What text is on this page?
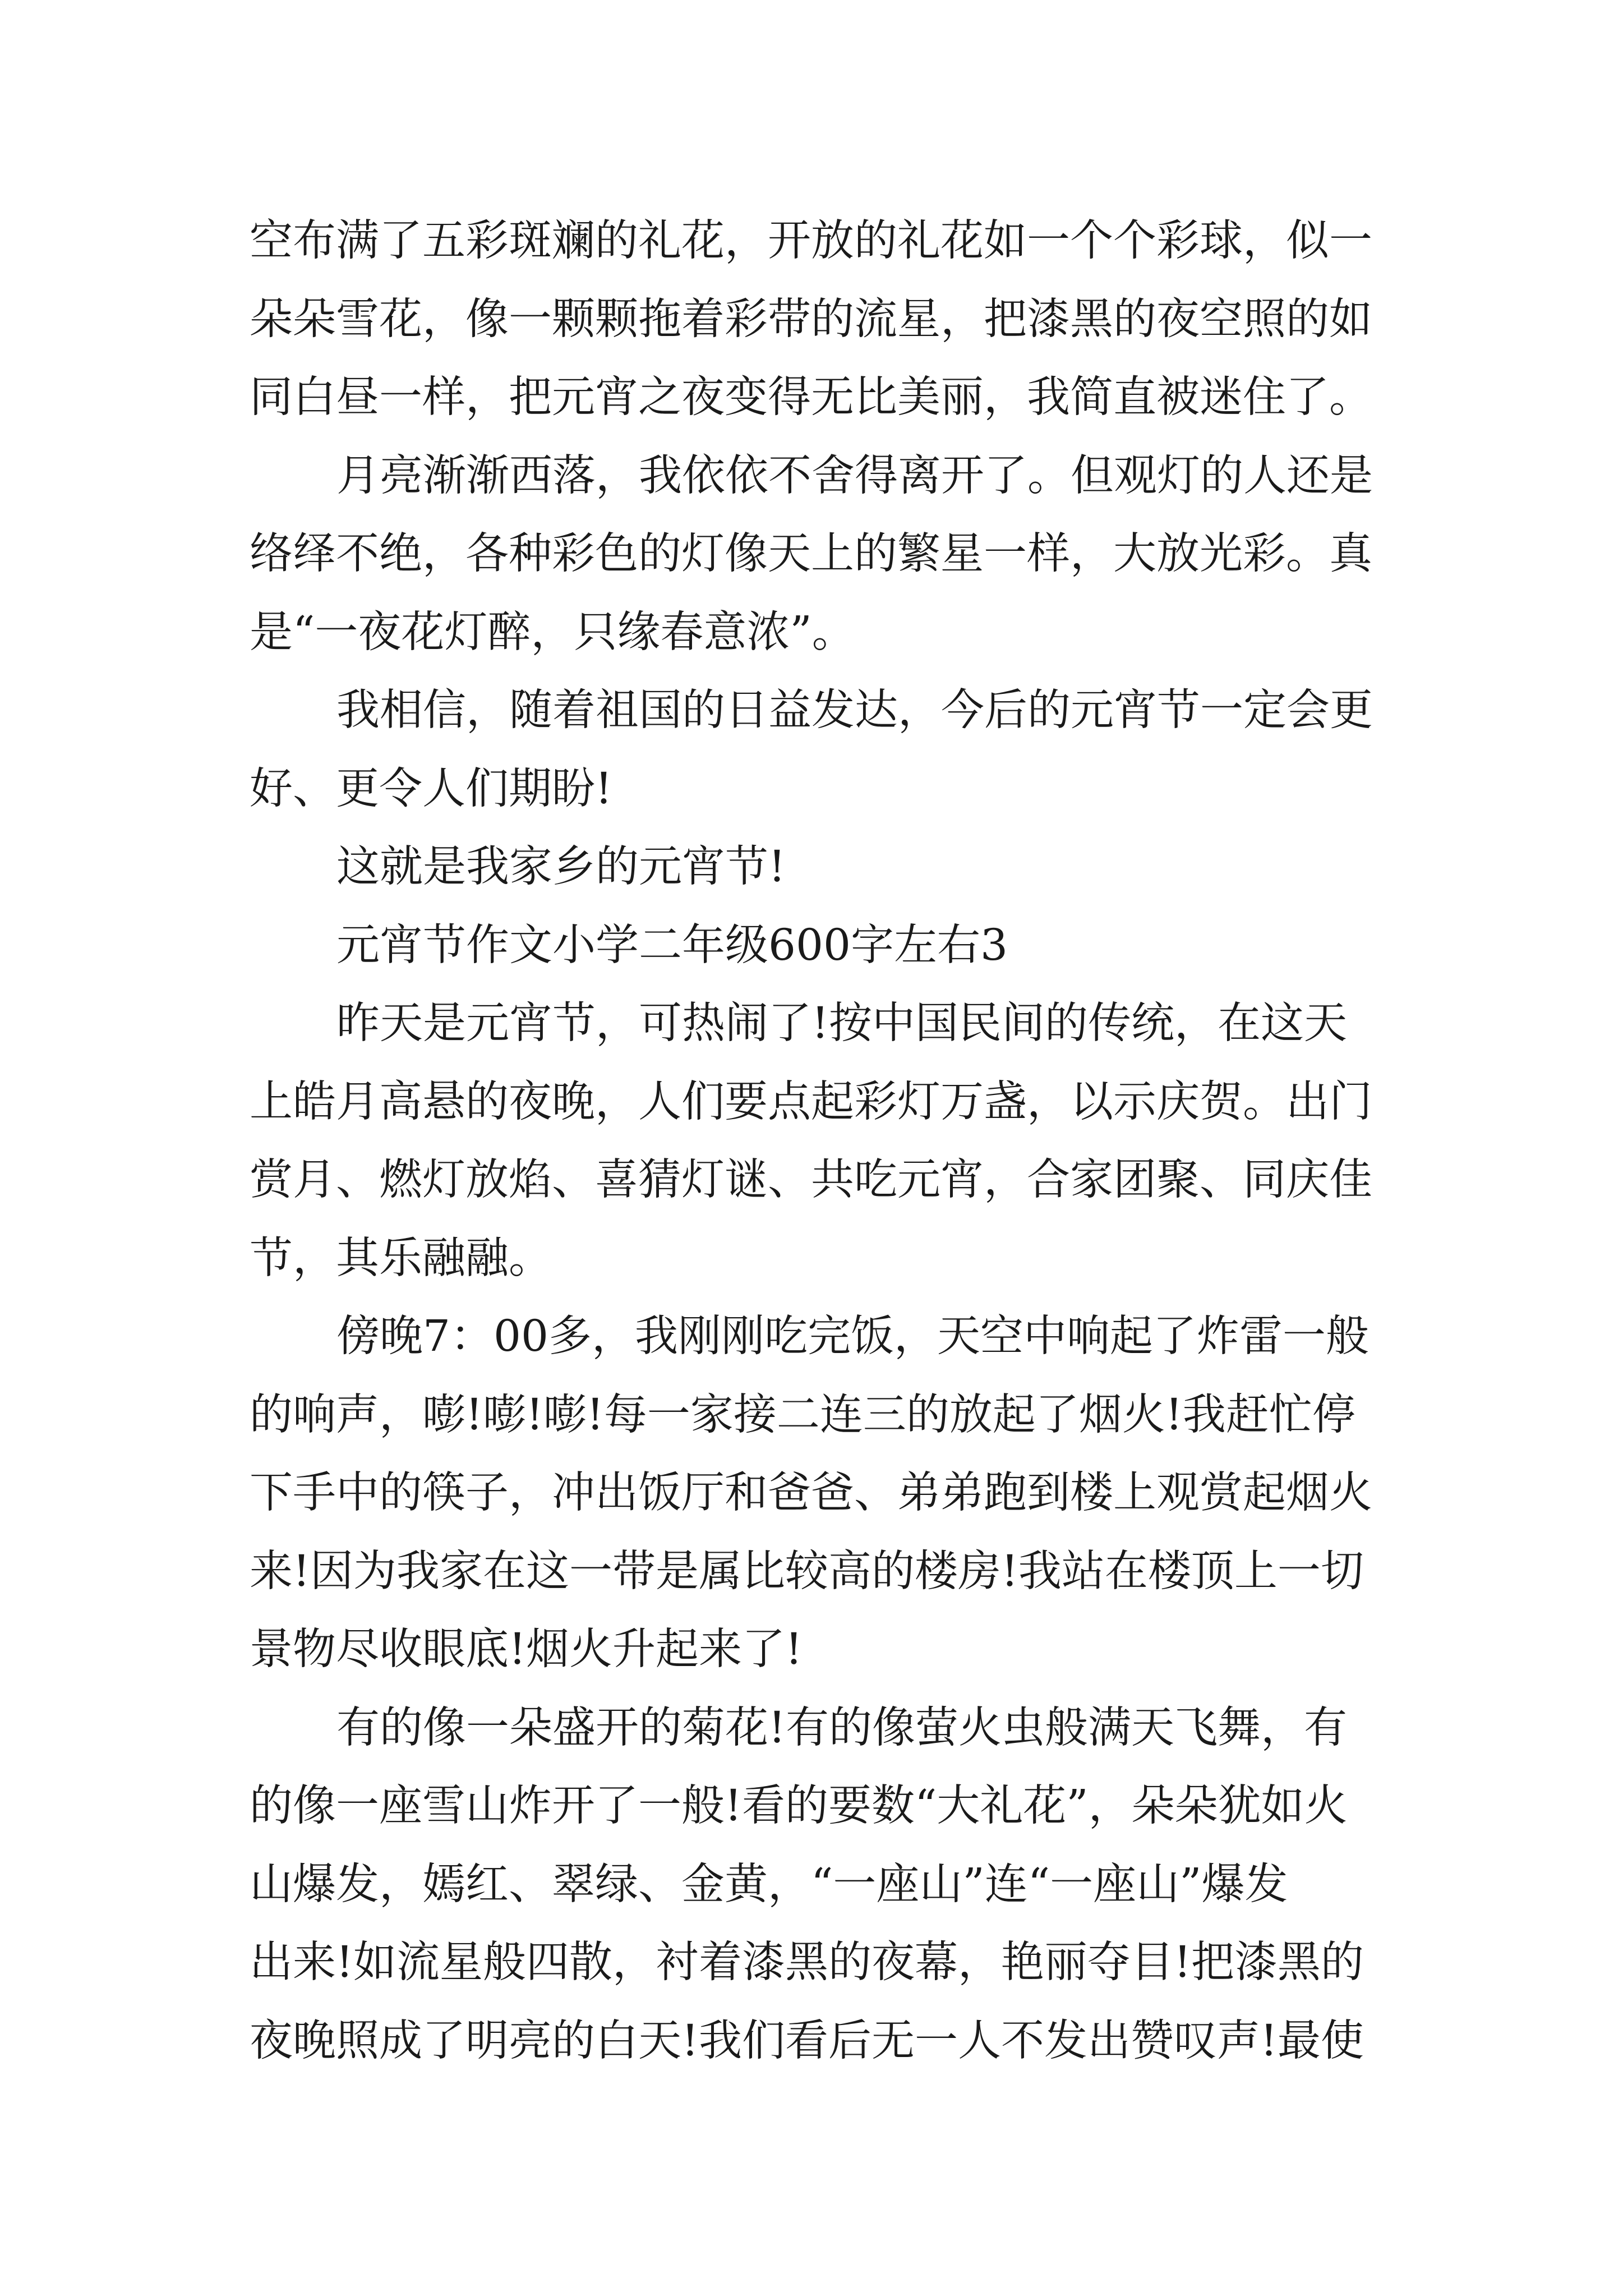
空布满了五彩斑斓的礼花，开放的礼花如一个个彩球，似一
朵朵雪花，像一颗颗拖着彩带的流星，把漆黑的夜空照的如
同白昼一样，把元宵之夜变得无比美丽，我简直被迷住了。
月亮渐渐西落，我依依不舍得离开了。但观灯的人还是
络绎不绝，各种彩色的灯像天上的繁星一样，大放光彩。真
是“一夜花灯醉，只缘春意浓”。
我相信，随着祖国的日益发达，今后的元宵节一定会更
好、更令人们期盼!
这就是我家乡的元宵节!
元宵节作文小学二年级600字左右3
昨天是元宵节，可热闹了!按中国民间的传统，在这天
上皓月高悬的夜晚，人们要点起彩灯万盏，以示庆贺。出门
赏月、燃灯放焰、喜猜灯谜、共吃元宵，合家团聚、同庆佳
节，其乐融融。
傍晚7：00多，我刚刚吃完饭，天空中响起了炸雷一般
的响声，嘭!嘭!嘭!每一家接二连三的放起了烟火!我赶忙停
下手中的筷子，冲出饭厅和爸爸、弟弟跑到楼上观赏起烟火
来!因为我家在这一带是属比较高的楼房!我站在楼顶上一切
景物尽收眼底!烟火升起来了!
有的像一朵盛开的菊花!有的像萤火虫般满天飞舞，有
的像一座雪山炸开了一般!看的要数“大礼花”，朵朵犹如火
山爆发，嫣红、翠绿、金黄，“一座山”连“一座山”爆发
出来!如流星般四散，衬着漆黑的夜幕，艳丽夺目!把漆黑的
夜晚照成了明亮的白天!我们看后无一人不发出赞叹声!最使
